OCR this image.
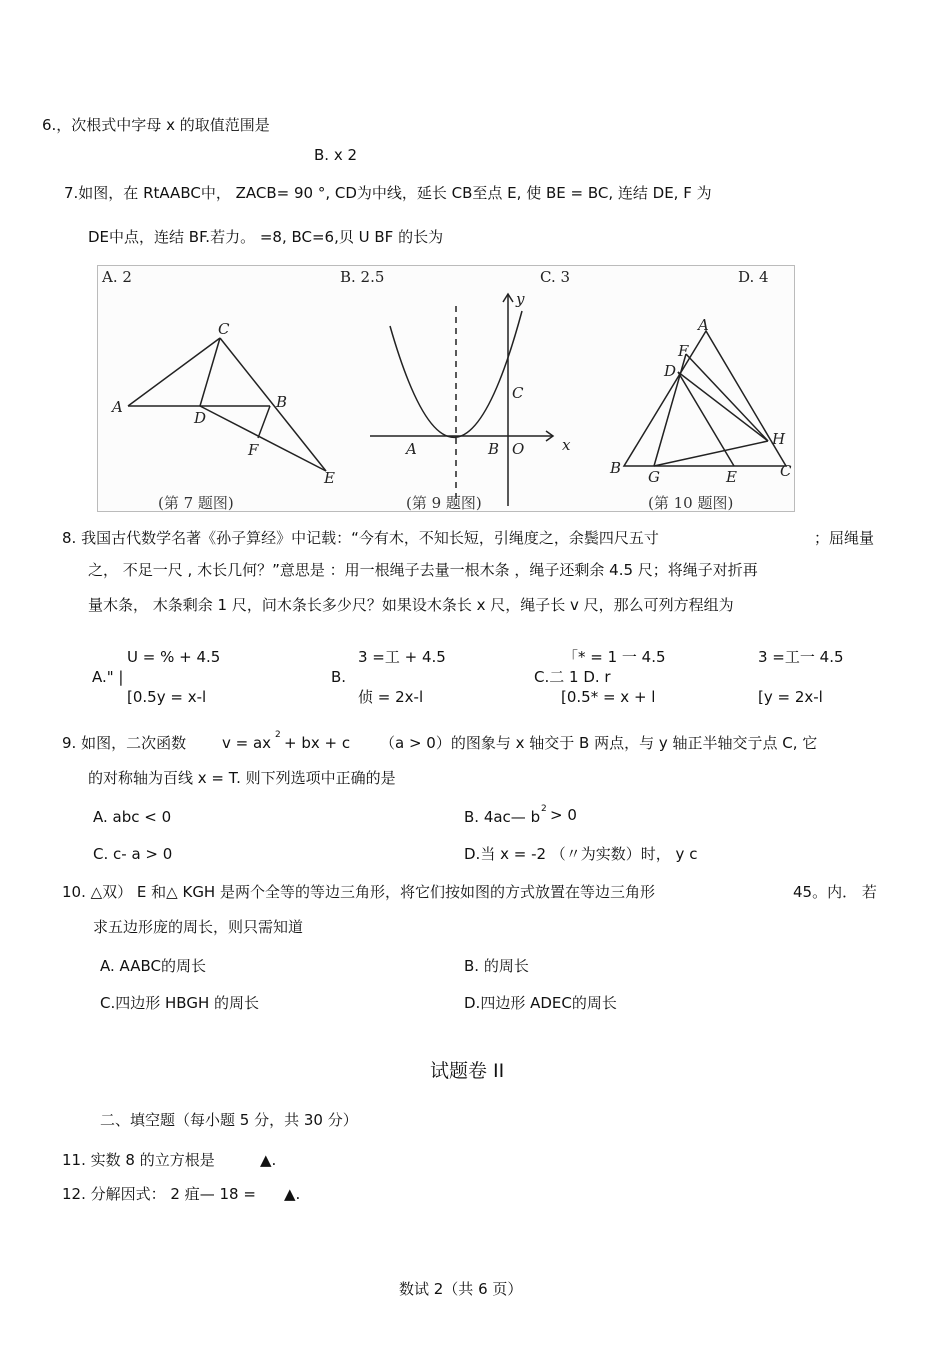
6.，次根式中字母 x 的取值范围是
B. x 2
7.如图，在 RtAABC中， ZACB= 90 °, CD为中线，延长 CB至点 E, 使 BE = BC, 连结 DE, F 为
DE中点，连结 BF.若力。 =8, BC=6,贝 U BF 的长为
A. 2	B. 2.5	C. 3	D. 4
A
C
D
B
F
E
(第 7 题图)
y
C
A	B O	x
(第 9 题图)
A
F
D
H
B G	E	C
(第 10 题图)
8. 我国古代数学名著《孙子算经》中记载：“今有木，不知长短，引绳度之，余鬓四尺五寸	；屈绳量
之， 不足一尺 , 木长几何？”意思是 ：用一根绳子去量一根木条 ，绳子还剩余 4.5 尺；将绳子对折再
量木条， 木条剩余 1 尺，问木条长多少尺？如果设木条长 x 尺，绳子长 v 尺，那么可列方程组为
U = % + 4.5
A." |
[0.5y = x-l
3 =工 + 4.5
B.
侦 = 2x-l
「* = 1 一 4.5
C.二 1 D. r
[0.5* = x + l
3 =工一 4.5
[y = 2x-l
9. 如图，二次函数 v = ax 2 + bx + c （a > 0）的图象与 x 轴交于 B 两点，与 y 轴正半轴交亍点 C, 它
的对称轴为百线 x = T. 则下列选项中正确的是
A. abc < 0	B. 4ac— b 2 > 0
C. c- a > 0	D.当 x = -2 （〃为实数）时， y c
10. △双） E 和△ KGH 是两个全等的等边三角形，将它们按如图的方式放置在等边三角形	45。内． 若
求五边形庞的周长，则只需知道
A. AABC的周长	B. 的周长
C.四边形 HBGH 的周长	D.四边形 ADEC的周长
试题卷 II
二、填空题（每小题 5 分，共 30 分）
11. 实数 8 的立方根是	▲.
12. 分解因式： 2 疽— 18 = ▲.
数试 2（共 6 页）
